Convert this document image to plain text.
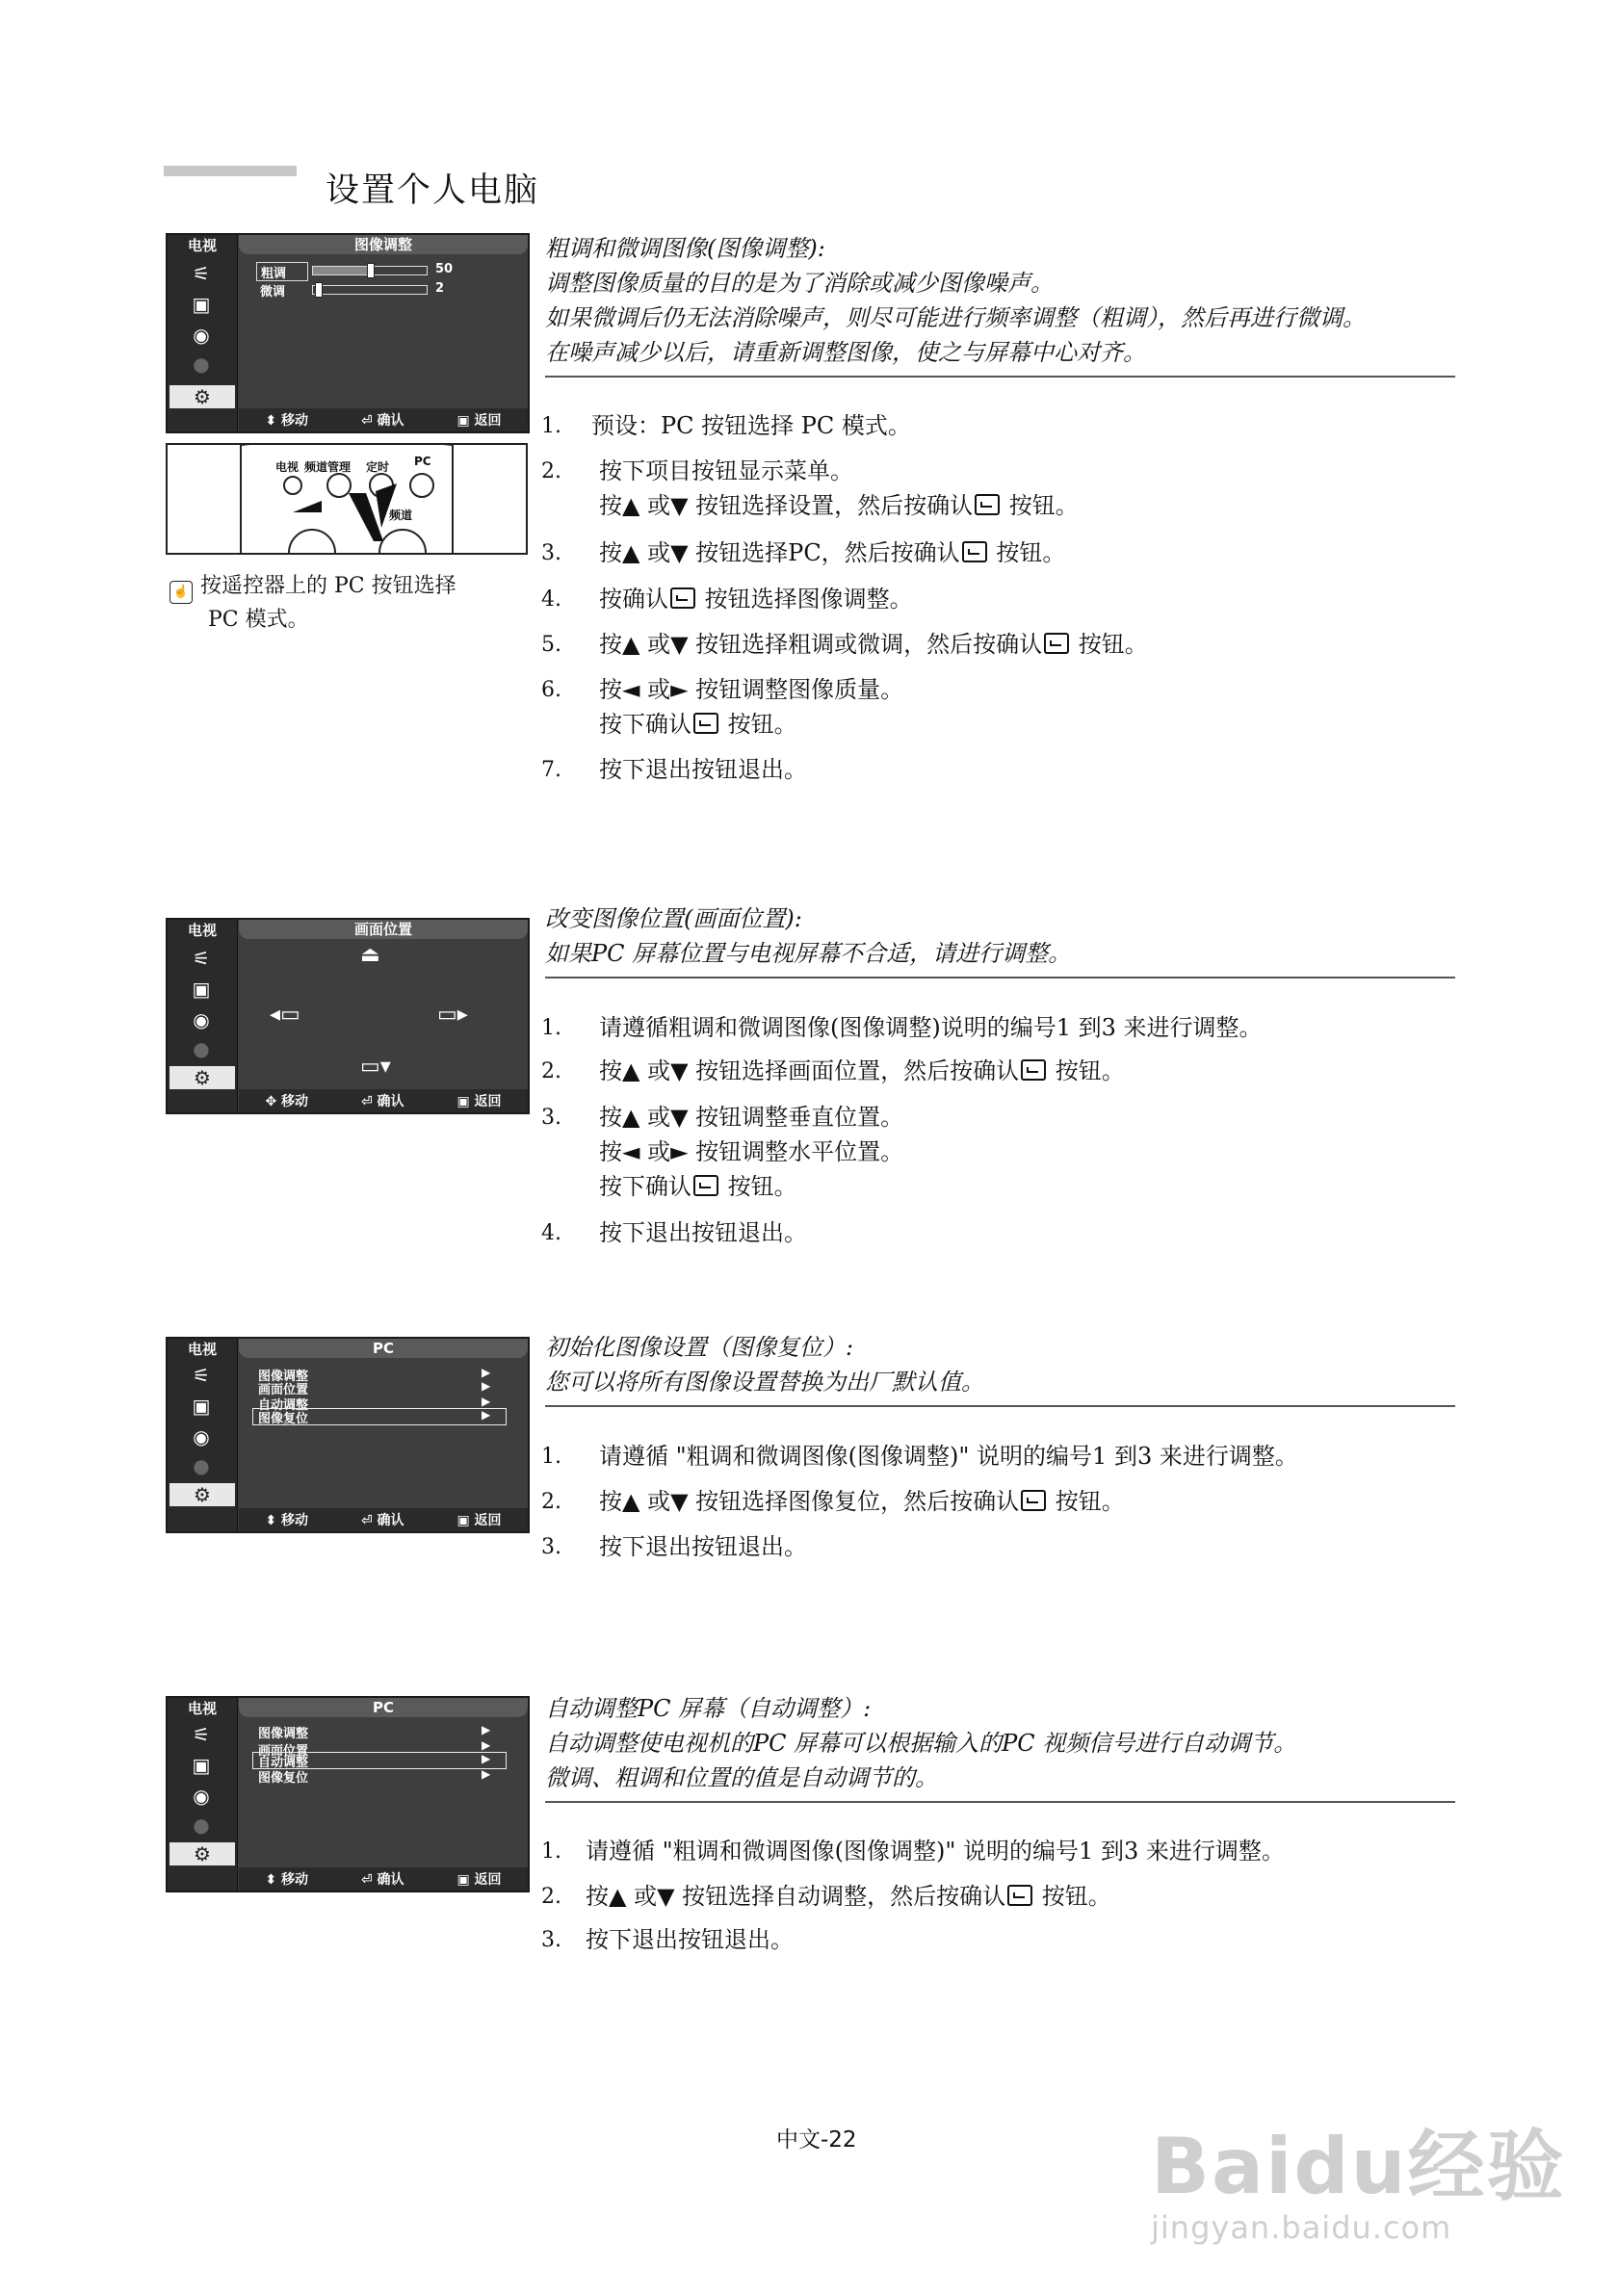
设置个人电脑
电视
⚟
▣
◉
●
⚙
图像调整
粗调
微调
50
2
⬍ 移动	⏎ 确认	▣ 返回
电视 频道管理 定时 PC
频道
☝ 按遥控器上的 PC 按钮选择
PC 模式。
粗调和微调图像(图像调整):
调整图像质量的目的是为了消除或减少图像噪声。
如果微调后仍无法消除噪声，则尽可能进行频率调整（粗调），然后再进行微调。
在噪声减少以后，请重新调整图像，使之与屏幕中心对齐。
1. 预设：PC 按钮选择 PC 模式。
2. 按下项目按钮显示菜单。
按▲ 或▼ 按钮选择设置，然后按确认 按钮。
3. 按▲ 或▼ 按钮选择PC，然后按确认 按钮。
4. 按确认 按钮选择图像调整。
5. 按▲ 或▼ 按钮选择粗调或微调，然后按确认 按钮。
6. 按◄ 或► 按钮调整图像质量。
按下确认 按钮。
7. 按下退出按钮退出。
电视
⚟
▣
◉
●
⚙
画面位置
⏏
◂▭	▭▸
▭▾
✥ 移动	⏎ 确认	▣ 返回
改变图像位置(画面位置):
如果PC 屏幕位置与电视屏幕不合适，请进行调整。
1. 请遵循粗调和微调图像(图像调整)说明的编号1 到3 来进行调整。
2. 按▲ 或▼ 按钮选择画面位置，然后按确认 按钮。
3. 按▲ 或▼ 按钮调整垂直位置。
按◄ 或► 按钮调整水平位置。
按下确认 按钮。
4. 按下退出按钮退出。
电视
⚟
▣
◉
●
⚙
PC
图像调整	▶
画面位置	▶
自动调整	▶
图像复位	▶
⬍ 移动	⏎ 确认	▣ 返回
初始化图像设置（图像复位）:
您可以将所有图像设置替换为出厂默认值。
1. 请遵循 "粗调和微调图像(图像调整)" 说明的编号1 到3 来进行调整。
2. 按▲ 或▼ 按钮选择图像复位，然后按确认 按钮。
3. 按下退出按钮退出。
电视
⚟
▣
◉
●
⚙
PC
图像调整	▶
画面位置	▶
自动调整	▶
图像复位	▶
⬍ 移动	⏎ 确认	▣ 返回
自动调整PC 屏幕（自动调整）:
自动调整使电视机的PC 屏幕可以根据输入的PC 视频信号进行自动调节。
微调、粗调和位置的值是自动调节的。
1. 请遵循 "粗调和微调图像(图像调整)" 说明的编号1 到3 来进行调整。
2. 按▲ 或▼ 按钮选择自动调整，然后按确认 按钮。
3. 按下退出按钮退出。
中文-22	Baidu经验
jingyan.baidu.com
